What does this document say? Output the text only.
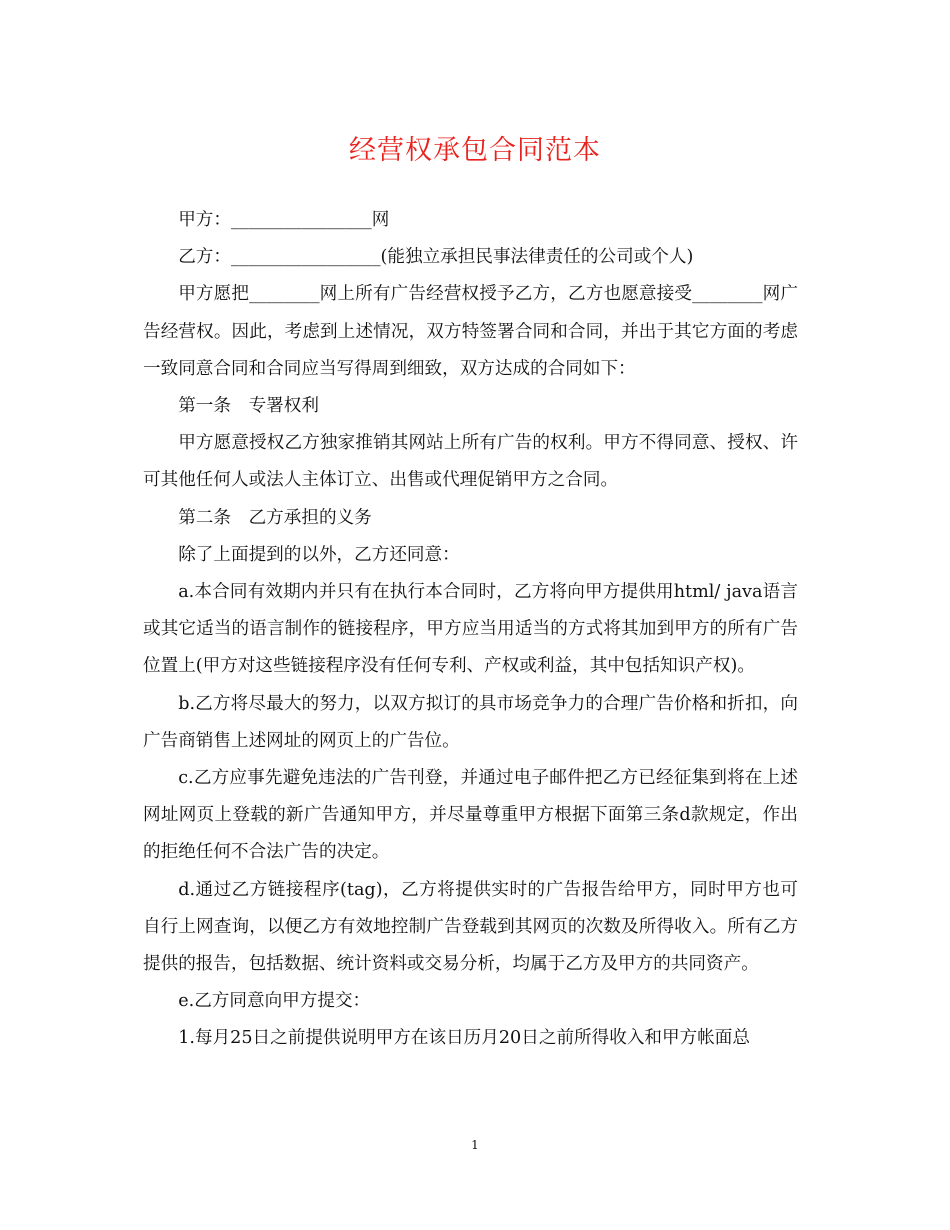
经营权承包合同范本

甲方：________________网

乙方：_________________(能独立承担民事法律责任的公司或个人)

甲方愿把________网上所有广告经营权授予乙方，乙方也愿意接受________网广告经营权。因此，考虑到上述情况，双方特签署合同和合同，并出于其它方面的考虑一致同意合同和合同应当写得周到细致，双方达成的合同如下：

第一条　专署权利

甲方愿意授权乙方独家推销其网站上所有广告的权利。甲方不得同意、授权、许可其他任何人或法人主体订立、出售或代理促销甲方之合同。

第二条　乙方承担的义务

除了上面提到的以外，乙方还同意：

a.本合同有效期内并只有在执行本合同时，乙方将向甲方提供用html/ java语言或其它适当的语言制作的链接程序，甲方应当用适当的方式将其加到甲方的所有广告位置上(甲方对这些链接程序没有任何专利、产权或利益，其中包括知识产权)。

b.乙方将尽最大的努力，以双方拟订的具市场竞争力的合理广告价格和折扣，向广告商销售上述网址的网页上的广告位。

c.乙方应事先避免违法的广告刊登，并通过电子邮件把乙方已经征集到将在上述网址网页上登载的新广告通知甲方，并尽量尊重甲方根据下面第三条d款规定，作出的拒绝任何不合法广告的决定。

d.通过乙方链接程序(tag)，乙方将提供实时的广告报告给甲方，同时甲方也可自行上网查询，以便乙方有效地控制广告登载到其网页的次数及所得收入。所有乙方提供的报告，包括数据、统计资料或交易分析，均属于乙方及甲方的共同资产。

e.乙方同意向甲方提交：

1.每月25日之前提供说明甲方在该日历月20日之前所得收入和甲方帐面总

1
